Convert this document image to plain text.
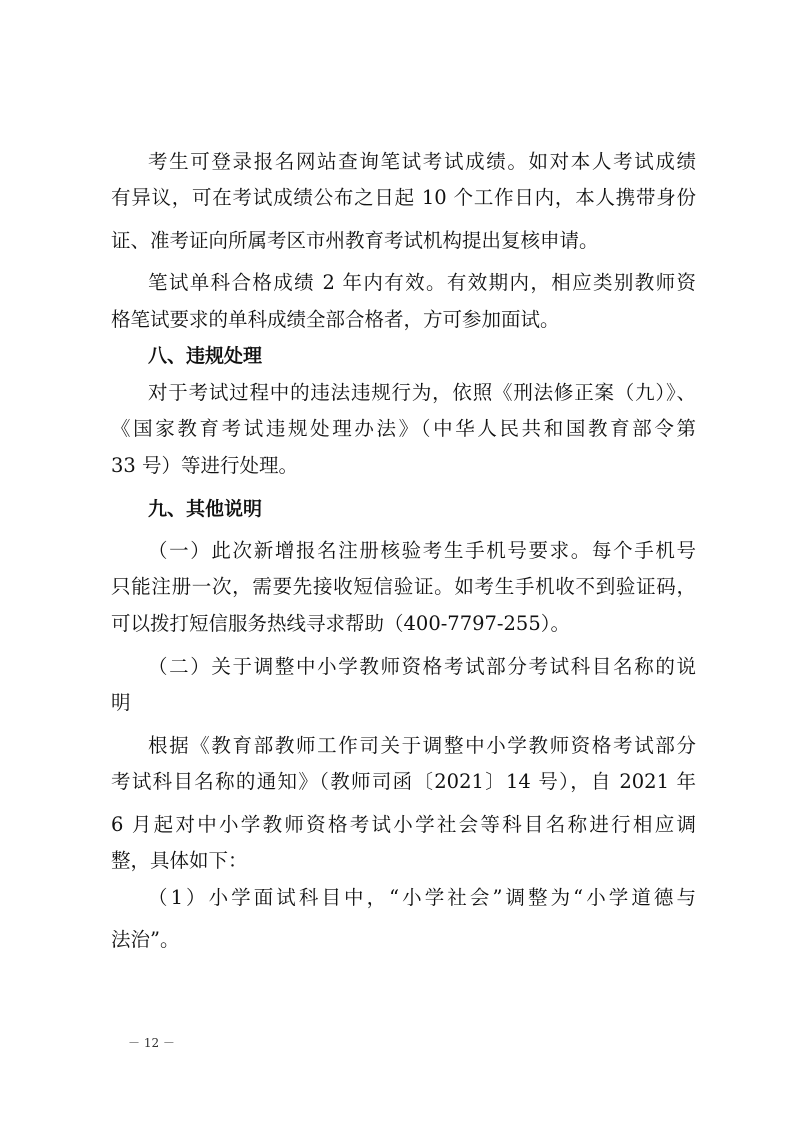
考生可登录报名网站查询笔试考试成绩。如对本人考试成绩
有异议，可在考试成绩公布之日起 10 个工作日内，本人携带身份
证、准考证向所属考区市州教育考试机构提出复核申请。
笔试单科合格成绩 2 年内有效。有效期内，相应类别教师资
格笔试要求的单科成绩全部合格者，方可参加面试。
八、违规处理
对于考试过程中的违法违规行为，依照《刑法修正案（九）》、
《国家教育考试违规处理办法》（中华人民共和国教育部令第
33 号）等进行处理。
九、其他说明
（一）此次新增报名注册核验考生手机号要求。每个手机号
只能注册一次，需要先接收短信验证。如考生手机收不到验证码，
可以拨打短信服务热线寻求帮助（400-7797-255）。
（二）关于调整中小学教师资格考试部分考试科目名称的说
明
根据《教育部教师工作司关于调整中小学教师资格考试部分
考试科目名称的通知》（教师司函〔2021〕14 号），自 2021 年
6 月起对中小学教师资格考试小学社会等科目名称进行相应调
整，具体如下：
（1）小学面试科目中，“小学社会”调整为“小学道德与
法治”。
－ 12 －
